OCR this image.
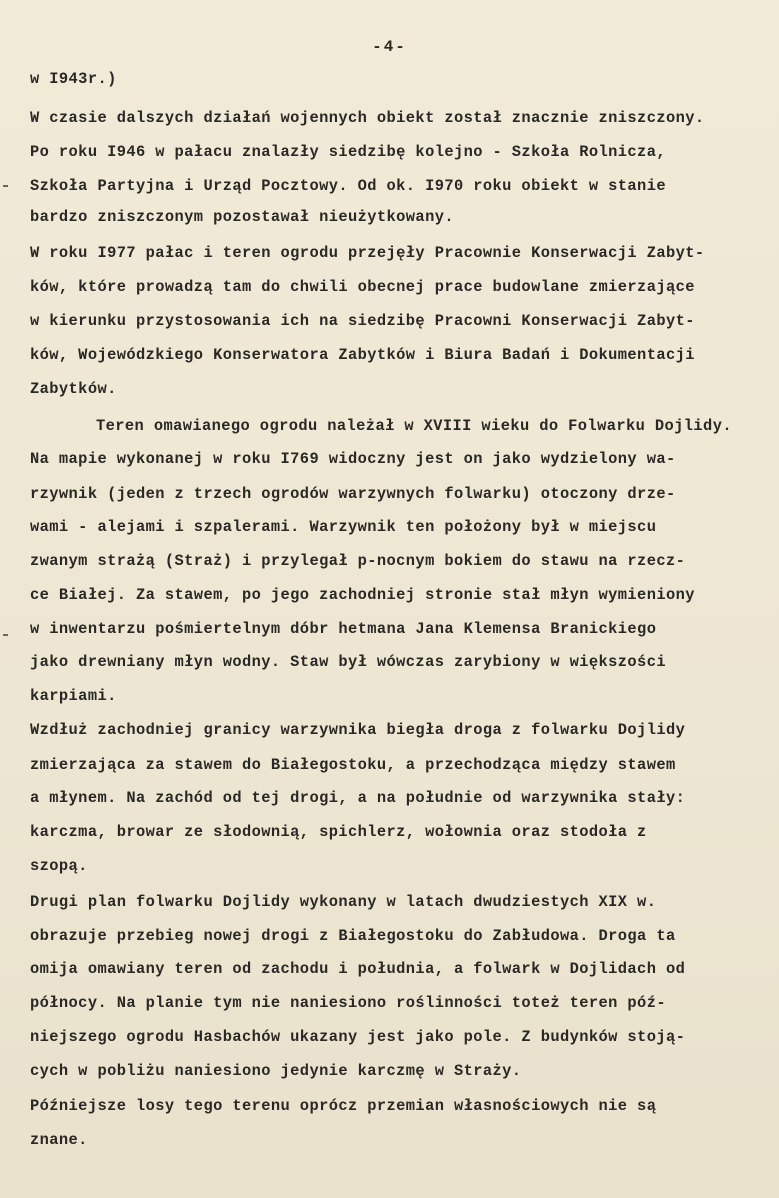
-4-
w I943r.)
W czasie dalszych działań wojennych obiekt został znacznie zniszczony.
Po roku I946 w pałacu znalazły siedzibę kolejno - Szkoła Rolnicza,
Szkoła Partyjna i Urząd Pocztowy. Od ok. I970 roku obiekt w stanie
bardzo zniszczonym pozostawał nieużytkowany.
W roku I977 pałac i teren ogrodu przejęły Pracownie Konserwacji Zabyt-
ków, które prowadzą tam do chwili obecnej prace budowlane zmierzające
w kierunku przystosowania ich na siedzibę Pracowni Konserwacji Zabyt-
ków, Wojewódzkiego Konserwatora Zabytków i Biura Badań i Dokumentacji
Zabytków.
Teren omawianego ogrodu należał w XVIII wieku do Folwarku Dojlidy.
Na mapie wykonanej w roku I769 widoczny jest on jako wydzielony wa-
rzywnik (jeden z trzech ogrodów warzywnych folwarku) otoczony drze-
wami - alejami i szpalerami. Warzywnik ten położony był w miejscu
zwanym strażą (Straż) i przylegał p-nocnym bokiem do stawu na rzecz-
ce Białej. Za stawem, po jego zachodniej stronie stał młyn wymieniony
w inwentarzu pośmiertelnym dóbr hetmana Jana Klemensa Branickiego
jako drewniany młyn wodny. Staw był wówczas zarybiony w większości
karpiami.
Wzdłuż zachodniej granicy warzywnika biegła droga z folwarku Dojlidy
zmierzająca za stawem do Białegostoku, a przechodząca między stawem
a młynem. Na zachód od tej drogi, a na południe od warzywnika stały:
karczma, browar ze słodownią, spichlerz, wołownia oraz stodoła z
szopą.
Drugi plan folwarku Dojlidy wykonany w latach dwudziestych XIX w.
obrazuje przebieg nowej drogi z Białegostoku do Zabłudowa. Droga ta
omija omawiany teren od zachodu i południa, a folwark w Dojlidach od
północy. Na planie tym nie naniesiono roślinności toteż teren póź-
niejszego ogrodu Hasbachów ukazany jest jako pole. Z budynków stoją-
cych w pobliżu naniesiono jedynie karczmę w Straży.
Późniejsze losy tego terenu oprócz przemian własnościowych nie są
znane.
